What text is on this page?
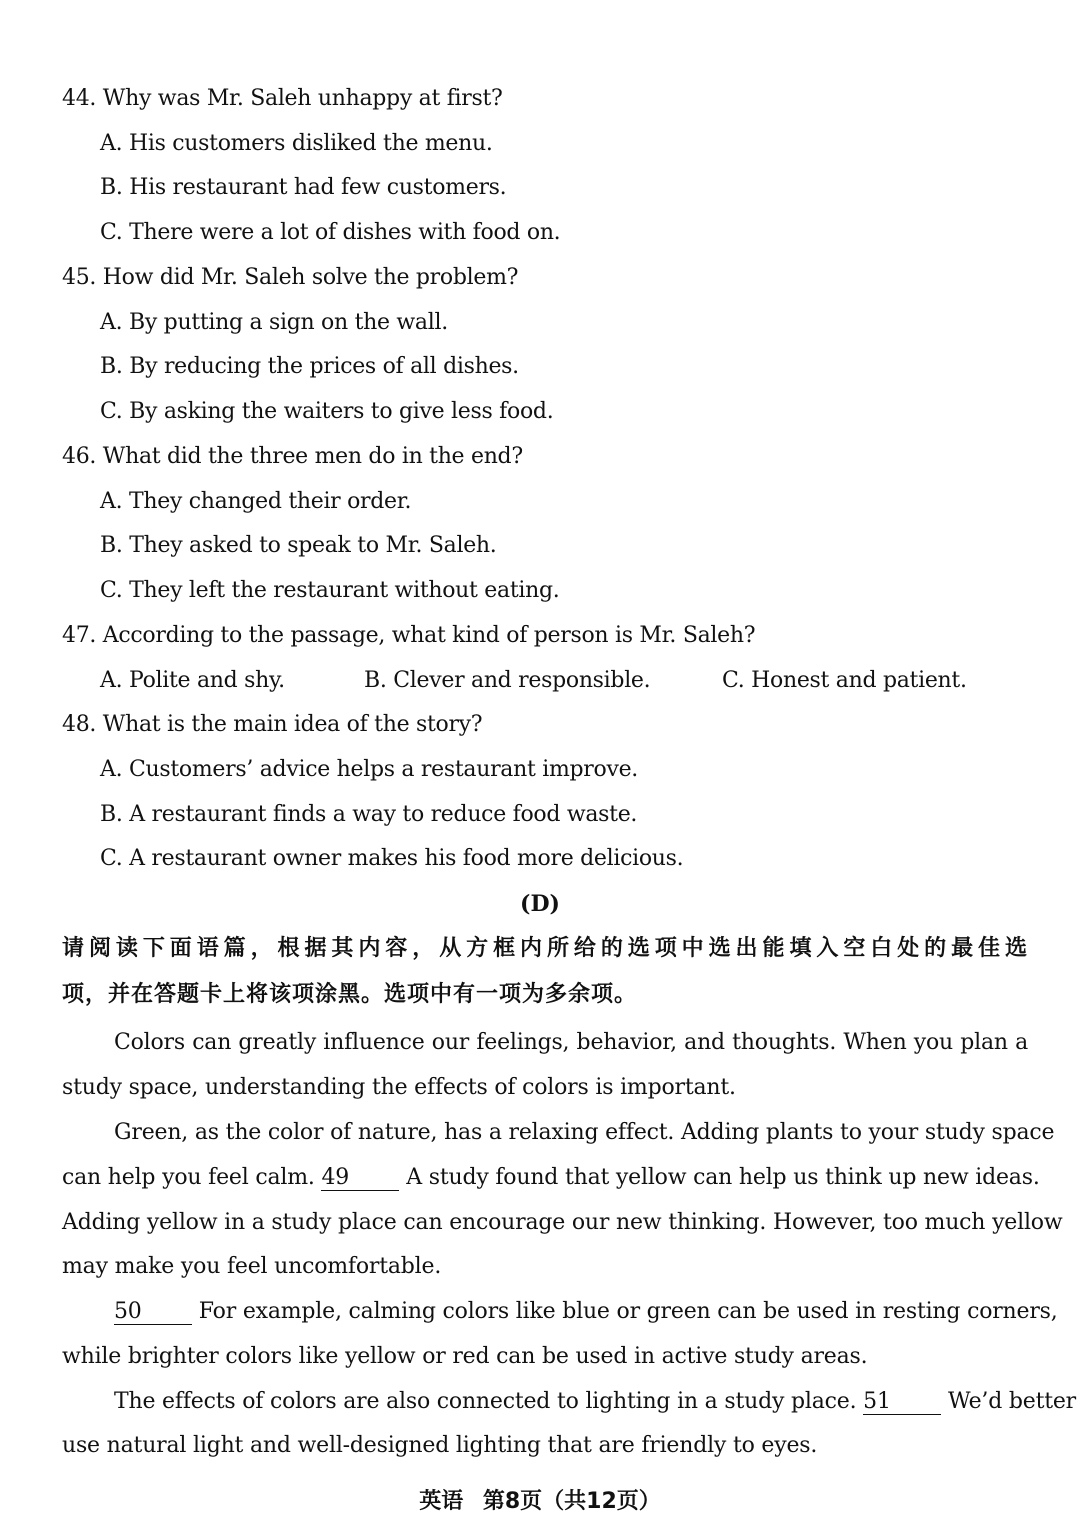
44. Why was Mr. Saleh unhappy at first?
A. His customers disliked the menu.
B. His restaurant had few customers.
C. There were a lot of dishes with food on.
45. How did Mr. Saleh solve the problem?
A. By putting a sign on the wall.
B. By reducing the prices of all dishes.
C. By asking the waiters to give less food.
46. What did the three men do in the end?
A. They changed their order.
B. They asked to speak to Mr. Saleh.
C. They left the restaurant without eating.
47. According to the passage, what kind of person is Mr. Saleh?
A. Polite and shy.	B. Clever and responsible.	C. Honest and patient.
48. What is the main idea of the story?
A. Customers’ advice helps a restaurant improve.
B. A restaurant finds a way to reduce food waste.
C. A restaurant owner makes his food more delicious.
(D)
请阅读下面语篇，根据其内容，从方框内所给的选项中选出能填入空白处的最佳选
项，并在答题卡上将该项涂黑。选项中有一项为多余项。
Colors can greatly influence our feelings, behavior, and thoughts. When you plan a
study space, understanding the effects of colors is important.
Green, as the color of nature, has a relaxing effect. Adding plants to your study space
can help you feel calm. 49	A study found that yellow can help us think up new ideas.
Adding yellow in a study place can encourage our new thinking. However, too much yellow
may make you feel uncomfortable.
50	For example, calming colors like blue or green can be used in resting corners,
while brighter colors like yellow or red can be used in active study areas.
The effects of colors are also connected to lighting in a study place. 51	We’d better
use natural light and well-designed lighting that are friendly to eyes.
英语 第8页（共12页）
